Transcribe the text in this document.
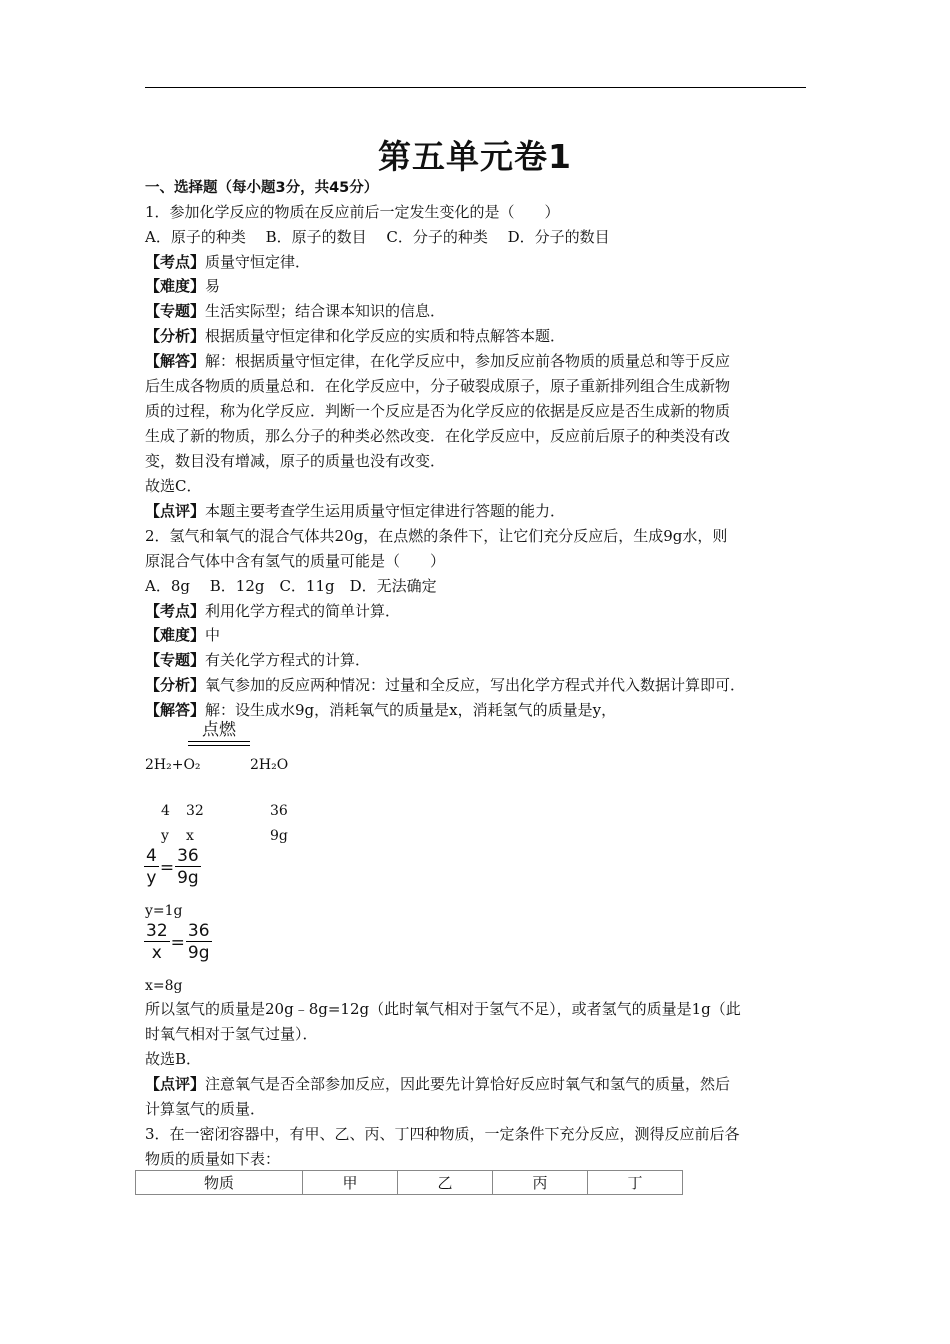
第五单元卷1
一、选择题（每小题3分，共45分）
1．参加化学反应的物质在反应前后一定发生变化的是（　　）
A．原子的种类　 B．原子的数目　 C．分子的种类　 D．分子的数目
【考点】质量守恒定律．
【难度】易
【专题】生活实际型；结合课本知识的信息．
【分析】根据质量守恒定律和化学反应的实质和特点解答本题．
【解答】解：根据质量守恒定律，在化学反应中，参加反应前各物质的质量总和等于反应
后生成各物质的质量总和．在化学反应中，分子破裂成原子，原子重新排列组合生成新物
质的过程，称为化学反应．判断一个反应是否为化学反应的依据是反应是否生成新的物质
生成了新的物质，那么分子的种类必然改变．在化学反应中，反应前后原子的种类没有改
变，数目没有增减，原子的质量也没有改变．
故选C．
【点评】本题主要考查学生运用质量守恒定律进行答题的能力．
2．氢气和氧气的混合气体共20g，在点燃的条件下，让它们充分反应后，生成9g水，则
原混合气体中含有氢气的质量可能是（　　）
A．8g　 B．12g　C．11g　D．无法确定
【考点】利用化学方程式的简单计算．
【难度】中
【专题】有关化学方程式的计算．
【分析】氧气参加的反应两种情况：过量和全反应，写出化学方程式并代入数据计算即可．
【解答】解：设生成水9g，消耗氧气的质量是x，消耗氢气的质量是y，
点燃
2H₂+O₂	2H₂O
4 32	36
y x	9g
$\frac{4}{y} = \frac{36}{9g}$
y=1g
$\frac{32}{x} = \frac{36}{9g}$
x=8g
所以氢气的质量是20g﹣8g=12g（此时氧气相对于氢气不足），或者氢气的质量是1g（此
时氧气相对于氢气过量）．
故选B．
【点评】注意氧气是否全部参加反应，因此要先计算恰好反应时氧气和氢气的质量，然后
计算氢气的质量．
3．在一密闭容器中，有甲、乙、丙、丁四种物质，一定条件下充分反应，测得反应前后各
物质的质量如下表：
物质	甲	乙	丙	丁
